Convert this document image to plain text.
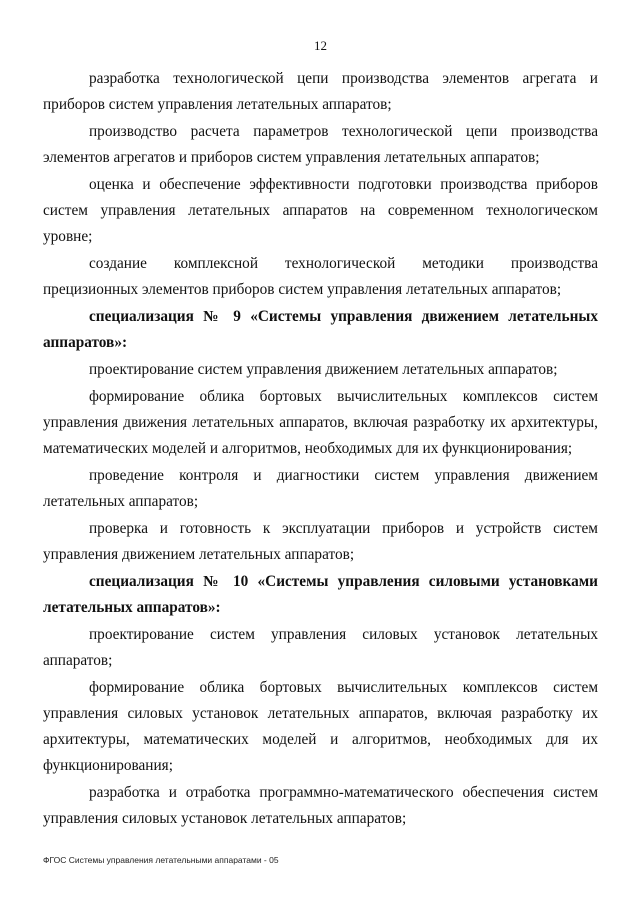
12

разработка технологической цепи производства элементов агрегата и приборов систем управления летательных аппаратов;

производство расчета параметров технологической цепи производства элементов агрегатов и приборов систем управления летательных аппаратов;

оценка и обеспечение эффективности подготовки производства приборов систем управления летательных аппаратов на современном технологическом уровне;

создание комплексной технологической методики производства прецизионных элементов приборов систем управления летательных аппаратов;

специализация № 9 «Системы управления движением летательных аппаратов»:

проектирование систем управления движением летательных аппаратов;

формирование облика бортовых вычислительных комплексов систем управления движения летательных аппаратов, включая разработку их архитектуры, математических моделей и алгоритмов, необходимых для их функционирования;

проведение контроля и диагностики систем управления движением летательных аппаратов;

проверка и готовность к эксплуатации приборов и устройств систем управления движением летательных аппаратов;

специализация № 10 «Системы управления силовыми установками летательных аппаратов»:

проектирование систем управления силовых установок летательных аппаратов;

формирование облика бортовых вычислительных комплексов систем управления силовых установок летательных аппаратов, включая разработку их архитектуры, математических моделей и алгоритмов, необходимых для их функционирования;

разработка и отработка программно-математического обеспечения систем управления силовых установок летательных аппаратов;

ФГОС Системы управления летательными аппаратами - 05
